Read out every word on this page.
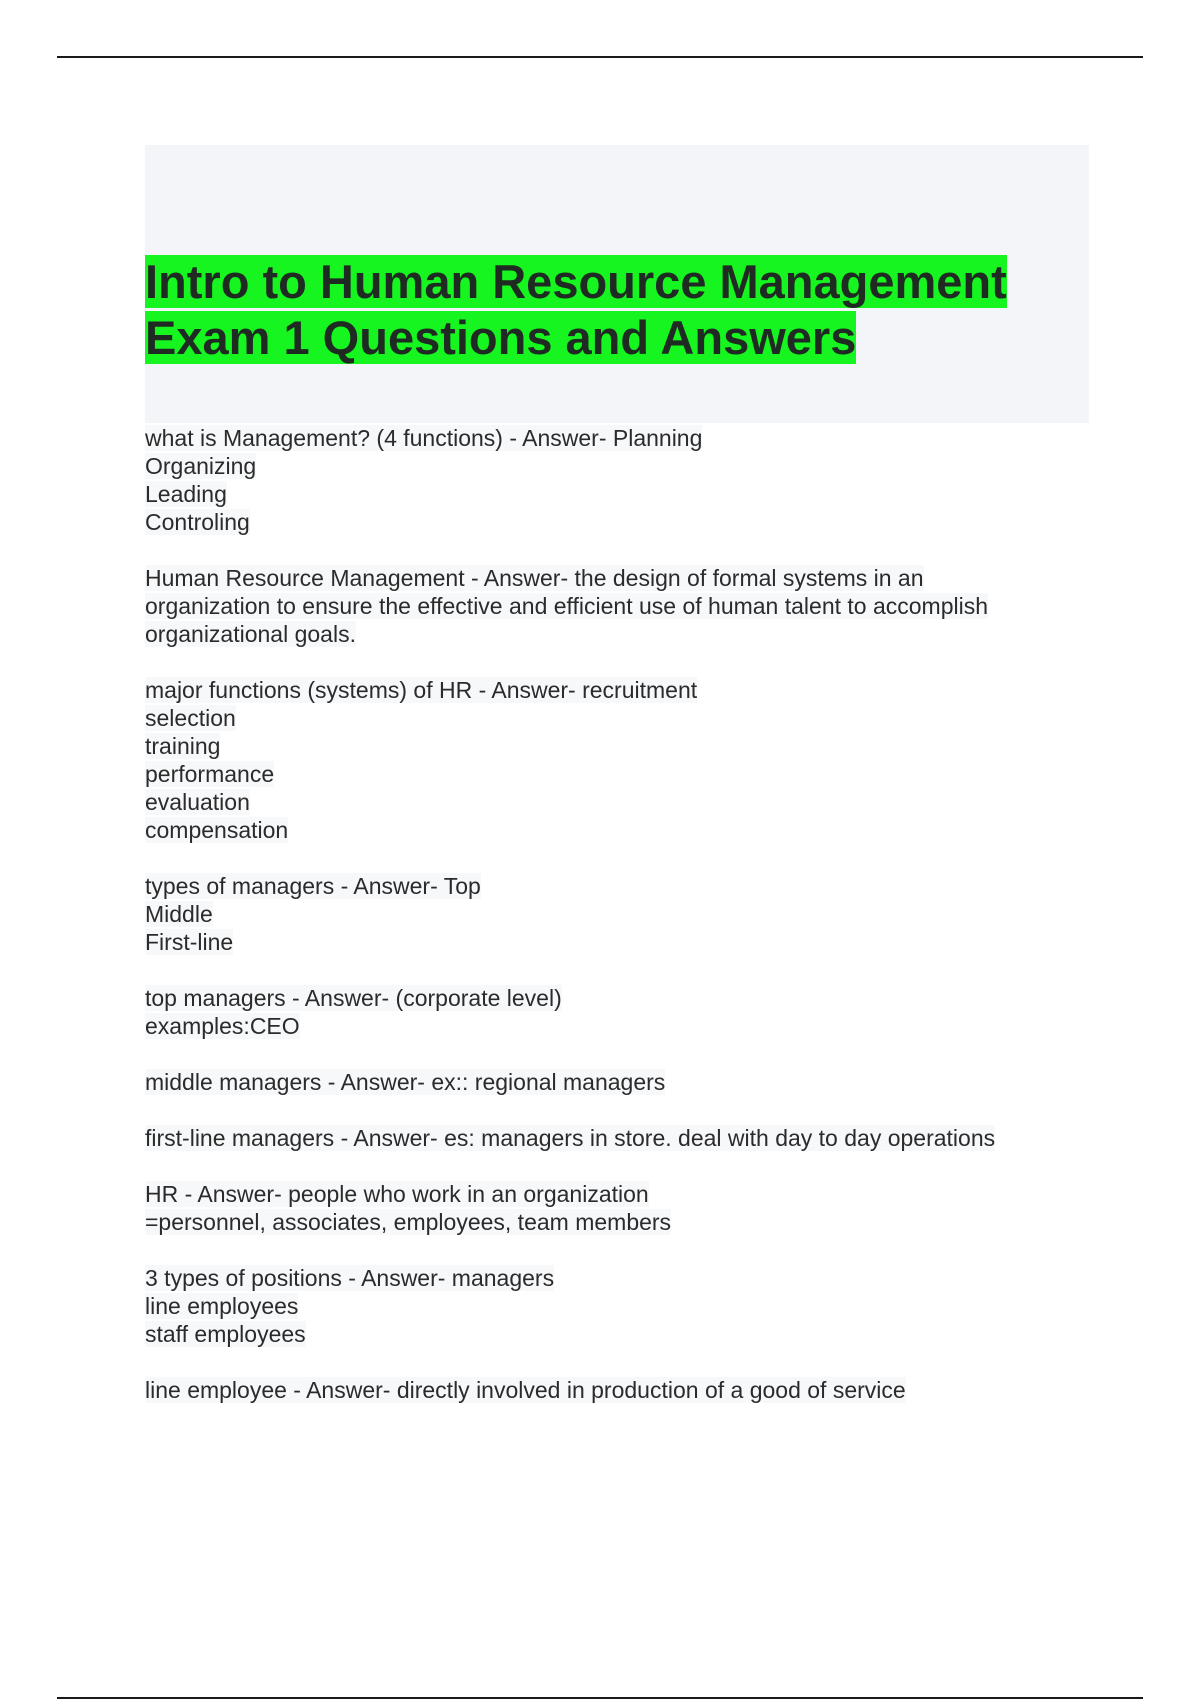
Intro to Human Resource Management
Exam 1 Questions and Answers
what is Management? (4 functions) - Answer- Planning
Organizing
Leading
Controling
Human Resource Management - Answer- the design of formal systems in an
organization to ensure the effective and efficient use of human talent to accomplish
organizational goals.
major functions (systems) of HR - Answer- recruitment
selection
training
performance
evaluation
compensation
types of managers - Answer- Top
Middle
First-line
top managers - Answer- (corporate level)
examples:CEO
middle managers - Answer- ex:: regional managers
first-line managers - Answer- es: managers in store. deal with day to day operations
HR - Answer- people who work in an organization
=personnel, associates, employees, team members
3 types of positions - Answer- managers
line employees
staff employees
line employee - Answer- directly involved in production of a good of service
